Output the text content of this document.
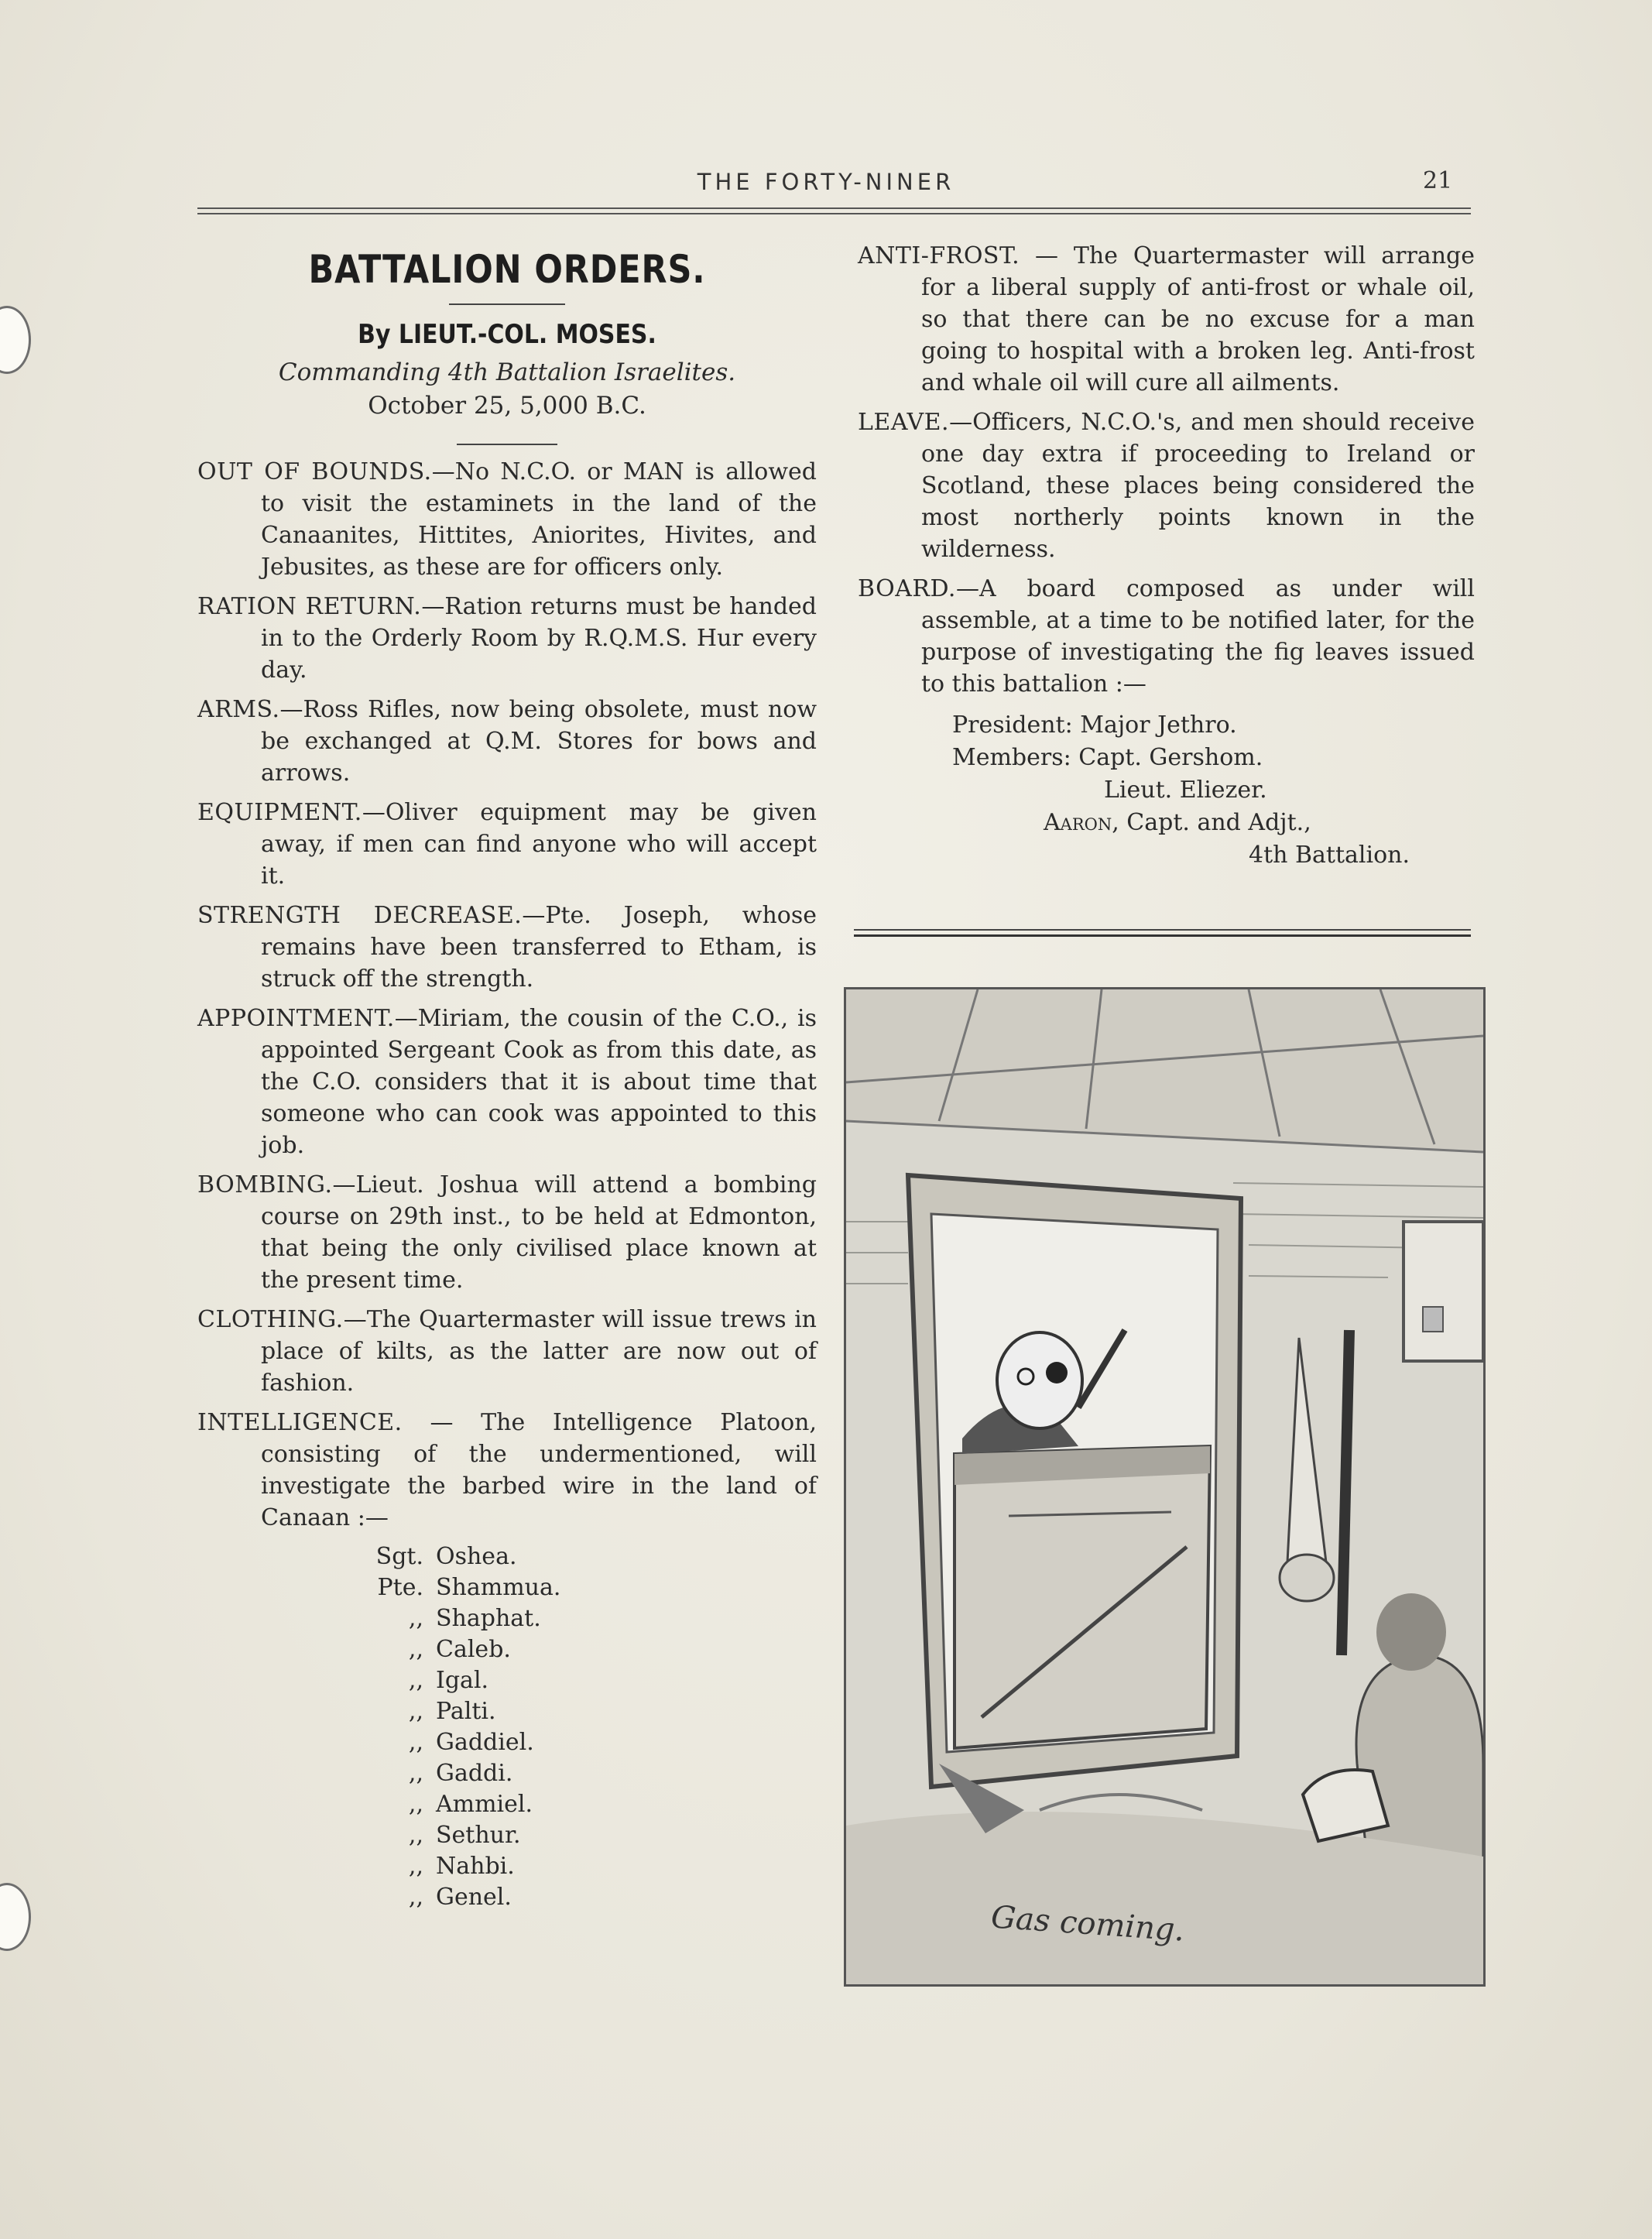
THE FORTY-NINER	21
BATTALION ORDERS.
By LIEUT.-COL. MOSES.
Commanding 4th Battalion Israelites.
October 25, 5,000 B.C.
OUT OF BOUNDS.—No N.C.O. or MAN is allowed to visit the estaminets in the land of the Canaanites, Hittites, Aniorites, Hivites, and Jebusites, as these are for officers only.
RATION RETURN.—Ration returns must be handed in to the Orderly Room by R.Q.M.S. Hur every day.
ARMS.—Ross Rifles, now being obsolete, must now be exchanged at Q.M. Stores for bows and arrows.
EQUIPMENT.—Oliver equipment may be given away, if men can find anyone who will accept it.
STRENGTH DECREASE.—Pte. Joseph, whose remains have been transferred to Etham, is struck off the strength.
APPOINTMENT.—Miriam, the cousin of the C.O., is appointed Sergeant Cook as from this date, as the C.O. considers that it is about time that someone who can cook was appointed to this job.
BOMBING.—Lieut. Joshua will attend a bombing course on 29th inst., to be held at Edmonton, that being the only civilised place known at the present time.
CLOTHING.—The Quartermaster will issue trews in place of kilts, as the latter are now out of fashion.
INTELLIGENCE. — The Intelligence Platoon, consisting of the undermentioned, will investigate the barbed wire in the land of Canaan :—
Sgt. Oshea.
Pte. Shammua.
,, Shaphat.
,, Caleb.
,, Igal.
,, Palti.
,, Gaddiel.
,, Gaddi.
,, Ammiel.
,, Sethur.
,, Nahbi.
,, Genel.
ANTI-FROST. — The Quartermaster will arrange for a liberal supply of anti-frost or whale oil, so that there can be no excuse for a man going to hospital with a broken leg. Anti-frost and whale oil will cure all ailments.
LEAVE.—Officers, N.C.O.'s, and men should receive one day extra if proceeding to Ireland or Scotland, these places being considered the most northerly points known in the wilderness.
BOARD.—A board composed as under will assemble, at a time to be notified later, for the purpose of investigating the fig leaves issued to this battalion :—
President: Major Jethro.
Members: Capt. Gershom.
Lieut. Eliezer.
Aaron, Capt. and Adjt.,
4th Battalion.
Gas coming.
